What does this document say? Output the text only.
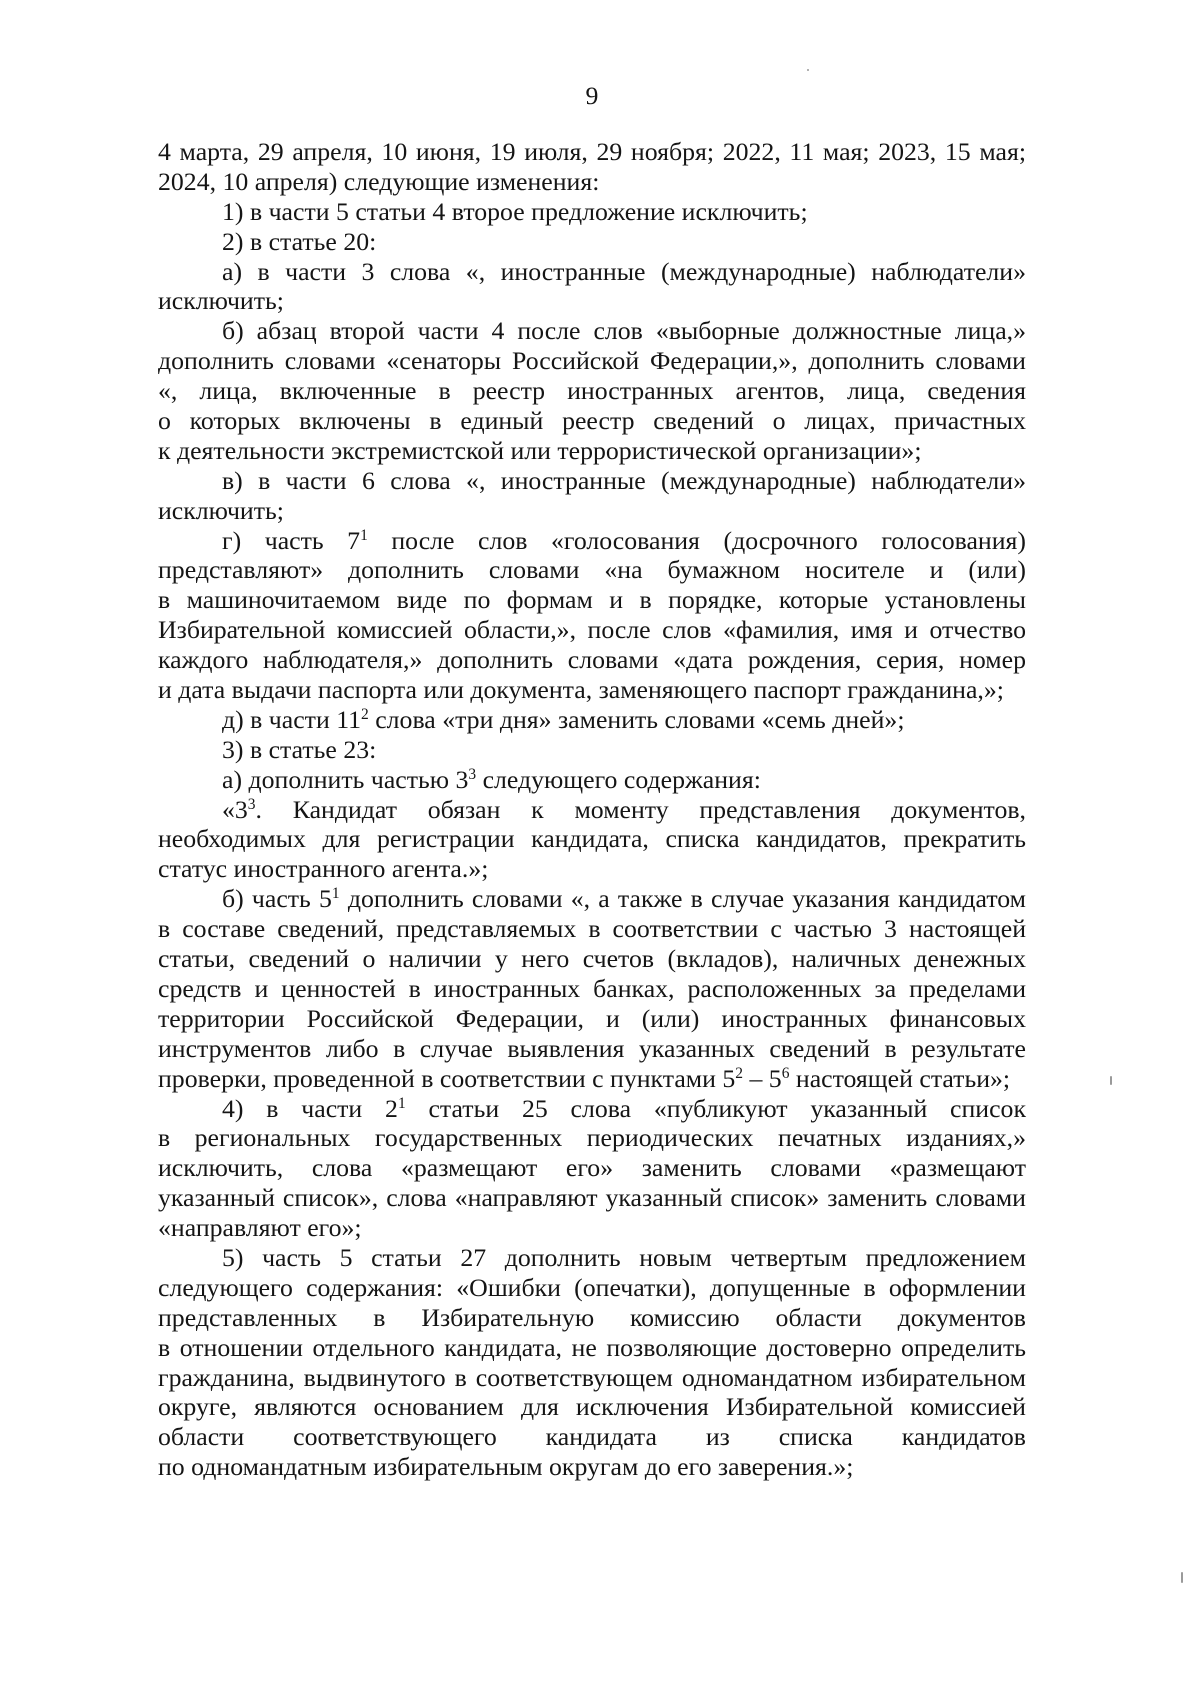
9
4 марта, 29 апреля, 10 июня, 19 июля, 29 ноября; 2022, 11 мая; 2023, 15 мая;
2024, 10 апреля) следующие изменения:
1) в части 5 статьи 4 второе предложение исключить;
2) в статье 20:
а) в части 3 слова «, иностранные (международные) наблюдатели»
исключить;
б) абзац второй части 4 после слов «выборные должностные лица,»
дополнить словами «сенаторы Российской Федерации,», дополнить словами
«, лица, включенные в реестр иностранных агентов, лица, сведения
о которых включены в единый реестр сведений о лицах, причастных
к деятельности экстремистской или террористической организации»;
в) в части 6 слова «, иностранные (международные) наблюдатели»
исключить;
г) часть $7^1$ после слов «голосования (досрочного голосования)
представляют» дополнить словами «на бумажном носителе и (или)
в машиночитаемом виде по формам и в порядке, которые установлены
Избирательной комиссией области,», после слов «фамилия, имя и отчество
каждого наблюдателя,» дополнить словами «дата рождения, серия, номер
и дата выдачи паспорта или документа, заменяющего паспорт гражданина,»;
д) в части $11^2$ слова «три дня» заменить словами «семь дней»;
3) в статье 23:
а) дополнить частью $3^3$ следующего содержания:
«$3^3$. Кандидат обязан к моменту представления документов,
необходимых для регистрации кандидата, списка кандидатов, прекратить
статус иностранного агента.»;
б) часть $5^1$ дополнить словами «, а также в случае указания кандидатом
в составе сведений, представляемых в соответствии с частью 3 настоящей
статьи, сведений о наличии у него счетов (вкладов), наличных денежных
средств и ценностей в иностранных банках, расположенных за пределами
территории Российской Федерации, и (или) иностранных финансовых
инструментов либо в случае выявления указанных сведений в результате
проверки, проведенной в соответствии с пунктами $5^2 - 5^6$ настоящей статьи»;
4) в части $2^1$ статьи 25 слова «публикуют указанный список
в региональных государственных периодических печатных изданиях,»
исключить, слова «размещают его» заменить словами «размещают
указанный список», слова «направляют указанный список» заменить словами
«направляют его»;
5) часть 5 статьи 27 дополнить новым четвертым предложением
следующего содержания: «Ошибки (опечатки), допущенные в оформлении
представленных в Избирательную комиссию области документов
в отношении отдельного кандидата, не позволяющие достоверно определить
гражданина, выдвинутого в соответствующем одномандатном избирательном
округе, являются основанием для исключения Избирательной комиссией
области соответствующего кандидата из списка кандидатов
по одномандатным избирательным округам до его заверения.»;
